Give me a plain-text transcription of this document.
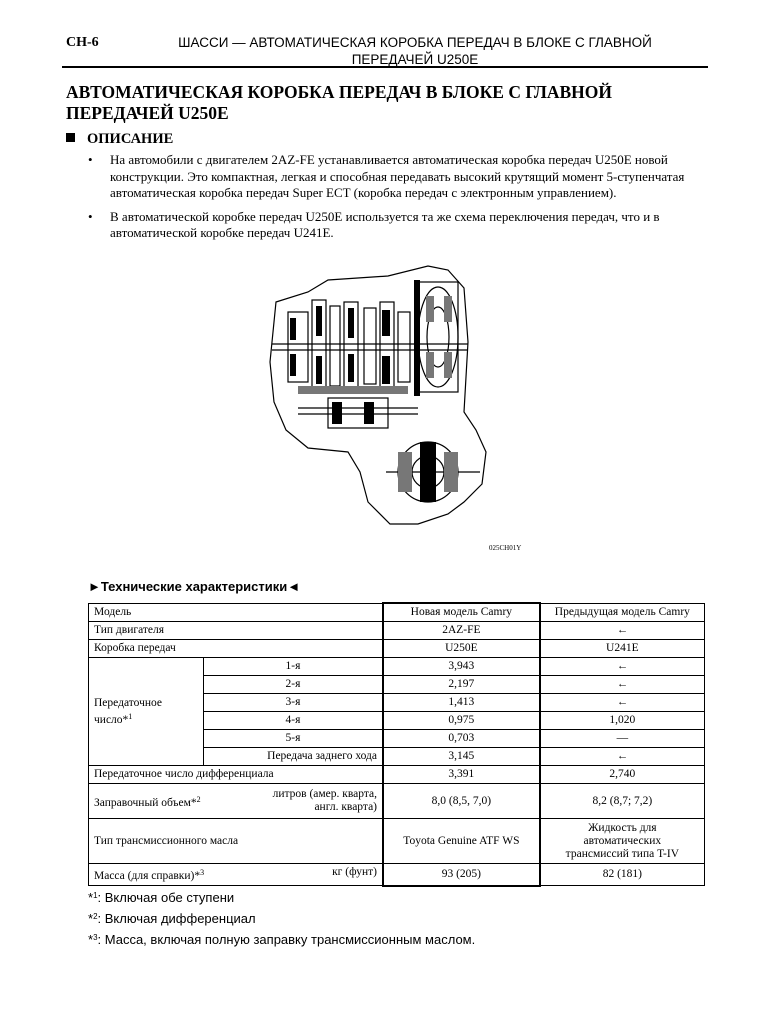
CH-6	ШАССИ — АВТОМАТИЧЕСКАЯ КОРОБКА ПЕРЕДАЧ В БЛОКЕ С ГЛАВНОЙ
ПЕРЕДАЧЕЙ U250E
АВТОМАТИЧЕСКАЯ КОРОБКА ПЕРЕДАЧ В БЛОКЕ С ГЛАВНОЙ
ПЕРЕДАЧЕЙ U250E
ОПИСАНИЕ
•	На автомобили с двигателем 2AZ-FE устанавливается автоматическая коробка передач U250E новой конструкции. Это компактная, легкая и способная передавать высокий крутящий момент 5-ступенчатая автоматическая коробка передач Super ECT (коробка передач с электронным управлением).
•	В автоматической коробке передач U250E используется та же схема переключения передач, что и в автоматической коробке передач U241E.
025CH01Y
►Технические характеристики◄
Модель		Новая модель Camry	Предыдущая модель Camry
Тип двигателя		2AZ-FE	←
Коробка передач		U250E	U241E
Передаточное
число*$^1$	1-я	3,943	←
	2-я	2,197	←
	3-я	1,413	←
	4-я	0,975	1,020
	5-я	0,703	—
	Передача заднего хода	3,145	←
Передаточное число дифференциала		3,391	2,740

Заправочный объем*$^2$ литров (амер. кварта,
англ. кварта)		8,0 (8,5, 7,0)	8,2 (8,7; 7,2)
Тип трансмиссионного масла		Toyota Genuine ATF WS	Жидкость для
автоматических
трансмиссий типа T-IV

Масса (для справки)*$^3$ кг (фунт)		93 (205)	82 (181)
*$^1$: Включая обе ступени
*$^2$: Включая дифференциал
*$^3$: Масса, включая полную заправку трансмиссионным маслом.
